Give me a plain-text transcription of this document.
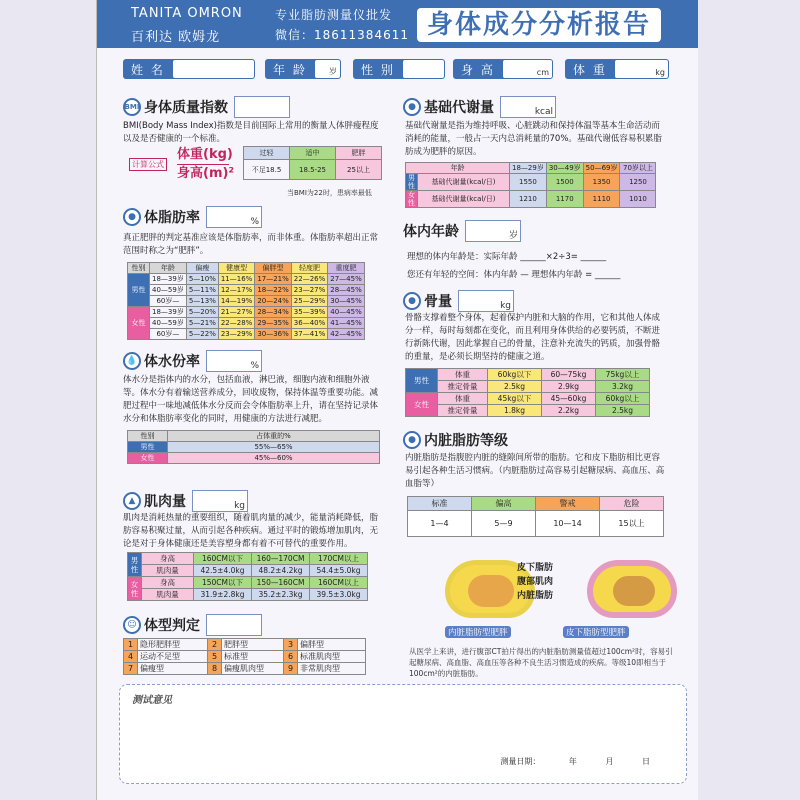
TANITA OMRON
百利达 欧姆龙
专业脂肪测量仪批发
微信：18611384611 身体成分分析报告
姓 名	年 龄	岁	性 别	身 高	cm	体 重	kg
BMI 身体质量指数
BMI(Body Mass Index)指数是目前国际上常用的衡量人体胖瘦程度以及是否健康的一个标准。
计算公式
体重(kg)
身高(m)²
过轻	适中	肥胖
不足18.5	18.5-25	25以上
当BMI为22时，患病率最低
● 体脂肪率	%
真正肥胖的判定基准应该是体脂肪率，而非体重。体脂肪率超出正常范围时称之为“肥胖”。
性别	年龄	偏瘦	健康型	偏胖型	轻度肥	重度肥
男性	18—39岁	5—10%	11—16%	17—21%	22—26%	27—45%
	40—59岁	5—11%	12—17%	18—22%	23—27%	28—45%
	60岁—	5—13%	14—19%	20—24%	25—29%	30—45%
女性	18—39岁	5—20%	21—27%	28—34%	35—39%	40—45%
	40—59岁	5—21%	22—28%	29—35%	36—40%	41—45%
	60岁—	5—22%	23—29%	30—36%	37—41%	42—45%
💧 体水份率	%
体水分是指体内的水分，包括血液，淋巴液，细胞内液和细胞外液等。体水分有着输送营养成分，回收废物，保持体温等重要功能。减肥过程中一味地减低体水分反而会令体脂肪率上升，请在坚持记录体水分和体脂肪率变化的同时，用健康的方法进行减肥。
性别	占体重的%
男性	55%—65%
女性	45%—60%
▲ 肌肉量	kg
肌肉是消耗热量的重要组织，随着肌肉量的减少，能量消耗降低，脂肪容易积聚过量，从而引起各种疾病。通过平时的锻炼增加肌肉，无论是对于身体健康还是美容塑身都有着不可替代的重要作用。
男性	身高	160CM以下	160—170CM	170CM以上
	肌肉量	42.5±4.0kg	48.2±4.2kg	54.4±5.0kg
女性	身高	150CM以下	150—160CM	160CM以上
	肌肉量	31.9±2.8kg	35.2±2.3kg	39.5±3.0kg
☺ 体型判定
1	隐形肥胖型	2	肥胖型	3	偏胖型
4	运动不足型	5	标准型	6	标准肌肉型
7	偏瘦型	8	偏瘦肌肉型	9	非常肌肉型
● 基础代谢量	kcal
基础代谢量是指为维持呼吸、心脏跳动和保持体温等基本生命活动而消耗的能量，一般占一天内总消耗量的70%。基础代谢低容易积累脂肪成为肥胖的原因。
年龄		18—29岁	30—49岁	50—69岁	70岁以上
男性	基础代谢量(kcal/日)	1550	1500	1350	1250
女性	基础代谢量(kcal/日)	1210	1170	1110	1010
体内年龄	岁
理想的体内年龄是：实际年龄 ______×2÷3= ______
您还有年轻的空间：体内年龄 — 理想体内年龄 = ______
● 骨量	kg
骨骼支撑着整个身体，起着保护内脏和大脑的作用，它和其他人体成分一样，每时每刻都在变化，而且利用身体供给的必要钙质，不断进行新陈代谢，因此掌握自己的骨量，注意补充流失的钙质，加强骨骼的重量，是必须长期坚持的健康之道。
男性	体重	60kg以下	60—75kg	75kg以上
	推定骨量	2.5kg	2.9kg	3.2kg
女性	体重	45kg以下	45—60kg	60kg以上
	推定骨量	1.8kg	2.2kg	2.5kg
● 内脏脂肪等级
内脏脂肪是指腹腔内脏的缝隙间所带的脂肪。它和皮下脂肪相比更容易引起各种生活习惯病。（内脏脂肪过高容易引起糖尿病、高血压、高血脂等）
标准	偏高	警戒	危险
1—4	5—9	10—14	15以上
皮下脂肪
腹部肌肉
内脏脂肪
内脏脂肪型肥胖	皮下脂肪型肥胖
从医学上来讲，进行腹部CT拍片得出的内脏脂肪测量值超过100cm²时，容易引起糖尿病、高血脂、高血压等各种不良生活习惯造成的疾病。等级10即相当于100cm²的内脏脂肪。
测试意见
测量日期： 年 月 日
